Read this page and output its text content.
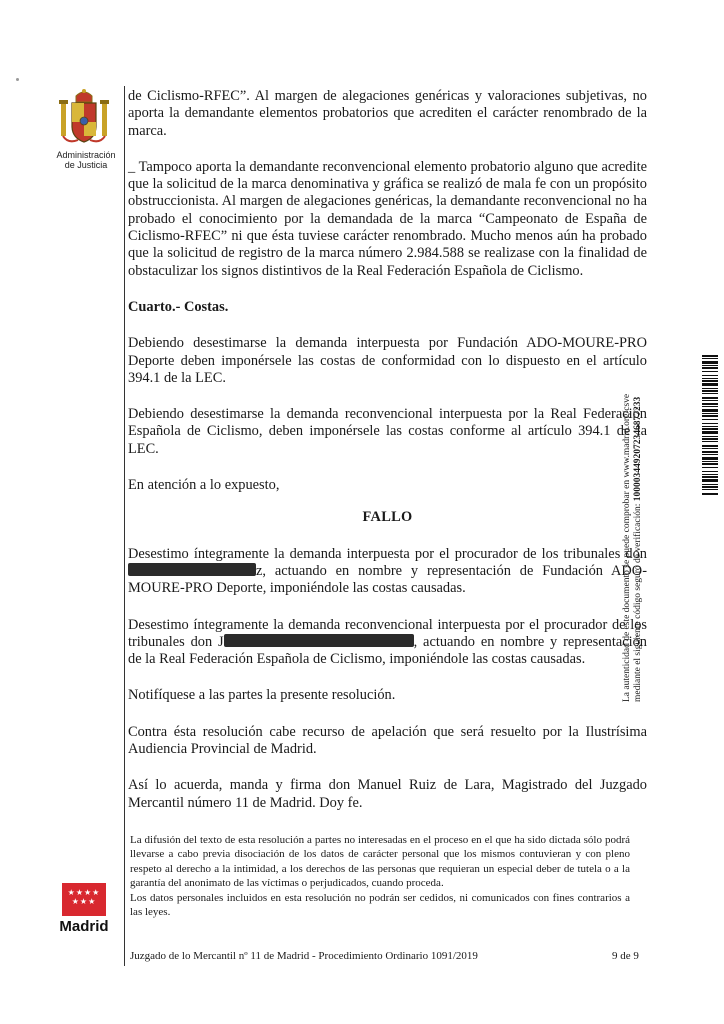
Administración
de Justicia

de Ciclismo-RFEC”. Al margen de alegaciones genéricas y valoraciones subjetivas, no aporta la demandante elementos probatorios que acrediten el carácter renombrado de la marca.

_ Tampoco aporta la demandante reconvencional elemento probatorio alguno que acredite que la solicitud de la marca denominativa y gráfica se realizó de mala fe con un propósito obstruccionista. Al margen de alegaciones genéricas, la demandante reconvencional no ha probado el conocimiento por la demandada de la marca “Campeonato de España de Ciclismo-RFEC” ni que ésta tuviese carácter renombrado. Mucho menos aún ha probado que la solicitud de registro de la marca número 2.984.588 se realizase con la finalidad de obstaculizar los signos distintivos de la Real Federación Española de Ciclismo.

Cuarto.- Costas.

Debiendo desestimarse la demanda interpuesta por Fundación ADO-MOURE-PRO Deporte deben imponérsele las costas de conformidad con lo dispuesto en el artículo 394.1 de la LEC.

Debiendo desestimarse la demanda reconvencional interpuesta por la Real Federación Española de Ciclismo, deben imponérsele las costas conforme al artículo 394.1 de la LEC.

En atención a lo expuesto,

FALLO

Desestimo íntegramente la demanda interpuesta por el procurador de los tribunales don z, actuando en nombre y representación de Fundación ADO-MOURE-PRO Deporte, imponiéndole las costas causadas.

Desestimo íntegramente la demanda reconvencional interpuesta por el procurador de los tribunales don J	, actuando en nombre y representación de la Real Federación Española de Ciclismo, imponiéndole las costas causadas.

Notifíquese a las partes la presente resolución.

Contra ésta resolución cabe recurso de apelación que será resuelto por la Ilustrísima Audiencia Provincial de Madrid.

Así lo acuerda, manda y firma don Manuel Ruiz de Lara, Magistrado del Juzgado Mercantil número 11 de Madrid. Doy fe.

La difusión del texto de esta resolución a partes no interesadas en el proceso en el que ha sido dictada sólo podrá llevarse a cabo previa disociación de los datos de carácter personal que los mismos contuvieran y con pleno respeto al derecho a la intimidad, a los derechos de las personas que requieran un especial deber de tutela o a la garantía del anonimato de las víctimas o perjudicados, cuando proceda.

Los datos personales incluidos en esta resolución no podrán ser cedidos, ni comunicados con fines contrarios a las leyes.

★★★★ ★★★
Madrid
Juzgado de lo Mercantil nº 11 de Madrid - Procedimiento Ordinario 1091/2019	9 de 9
La autenticidad de este documento se puede comprobar en www.madrid.org/csve mediante el siguiente código seguro de verificación: 1000034492072346877233
